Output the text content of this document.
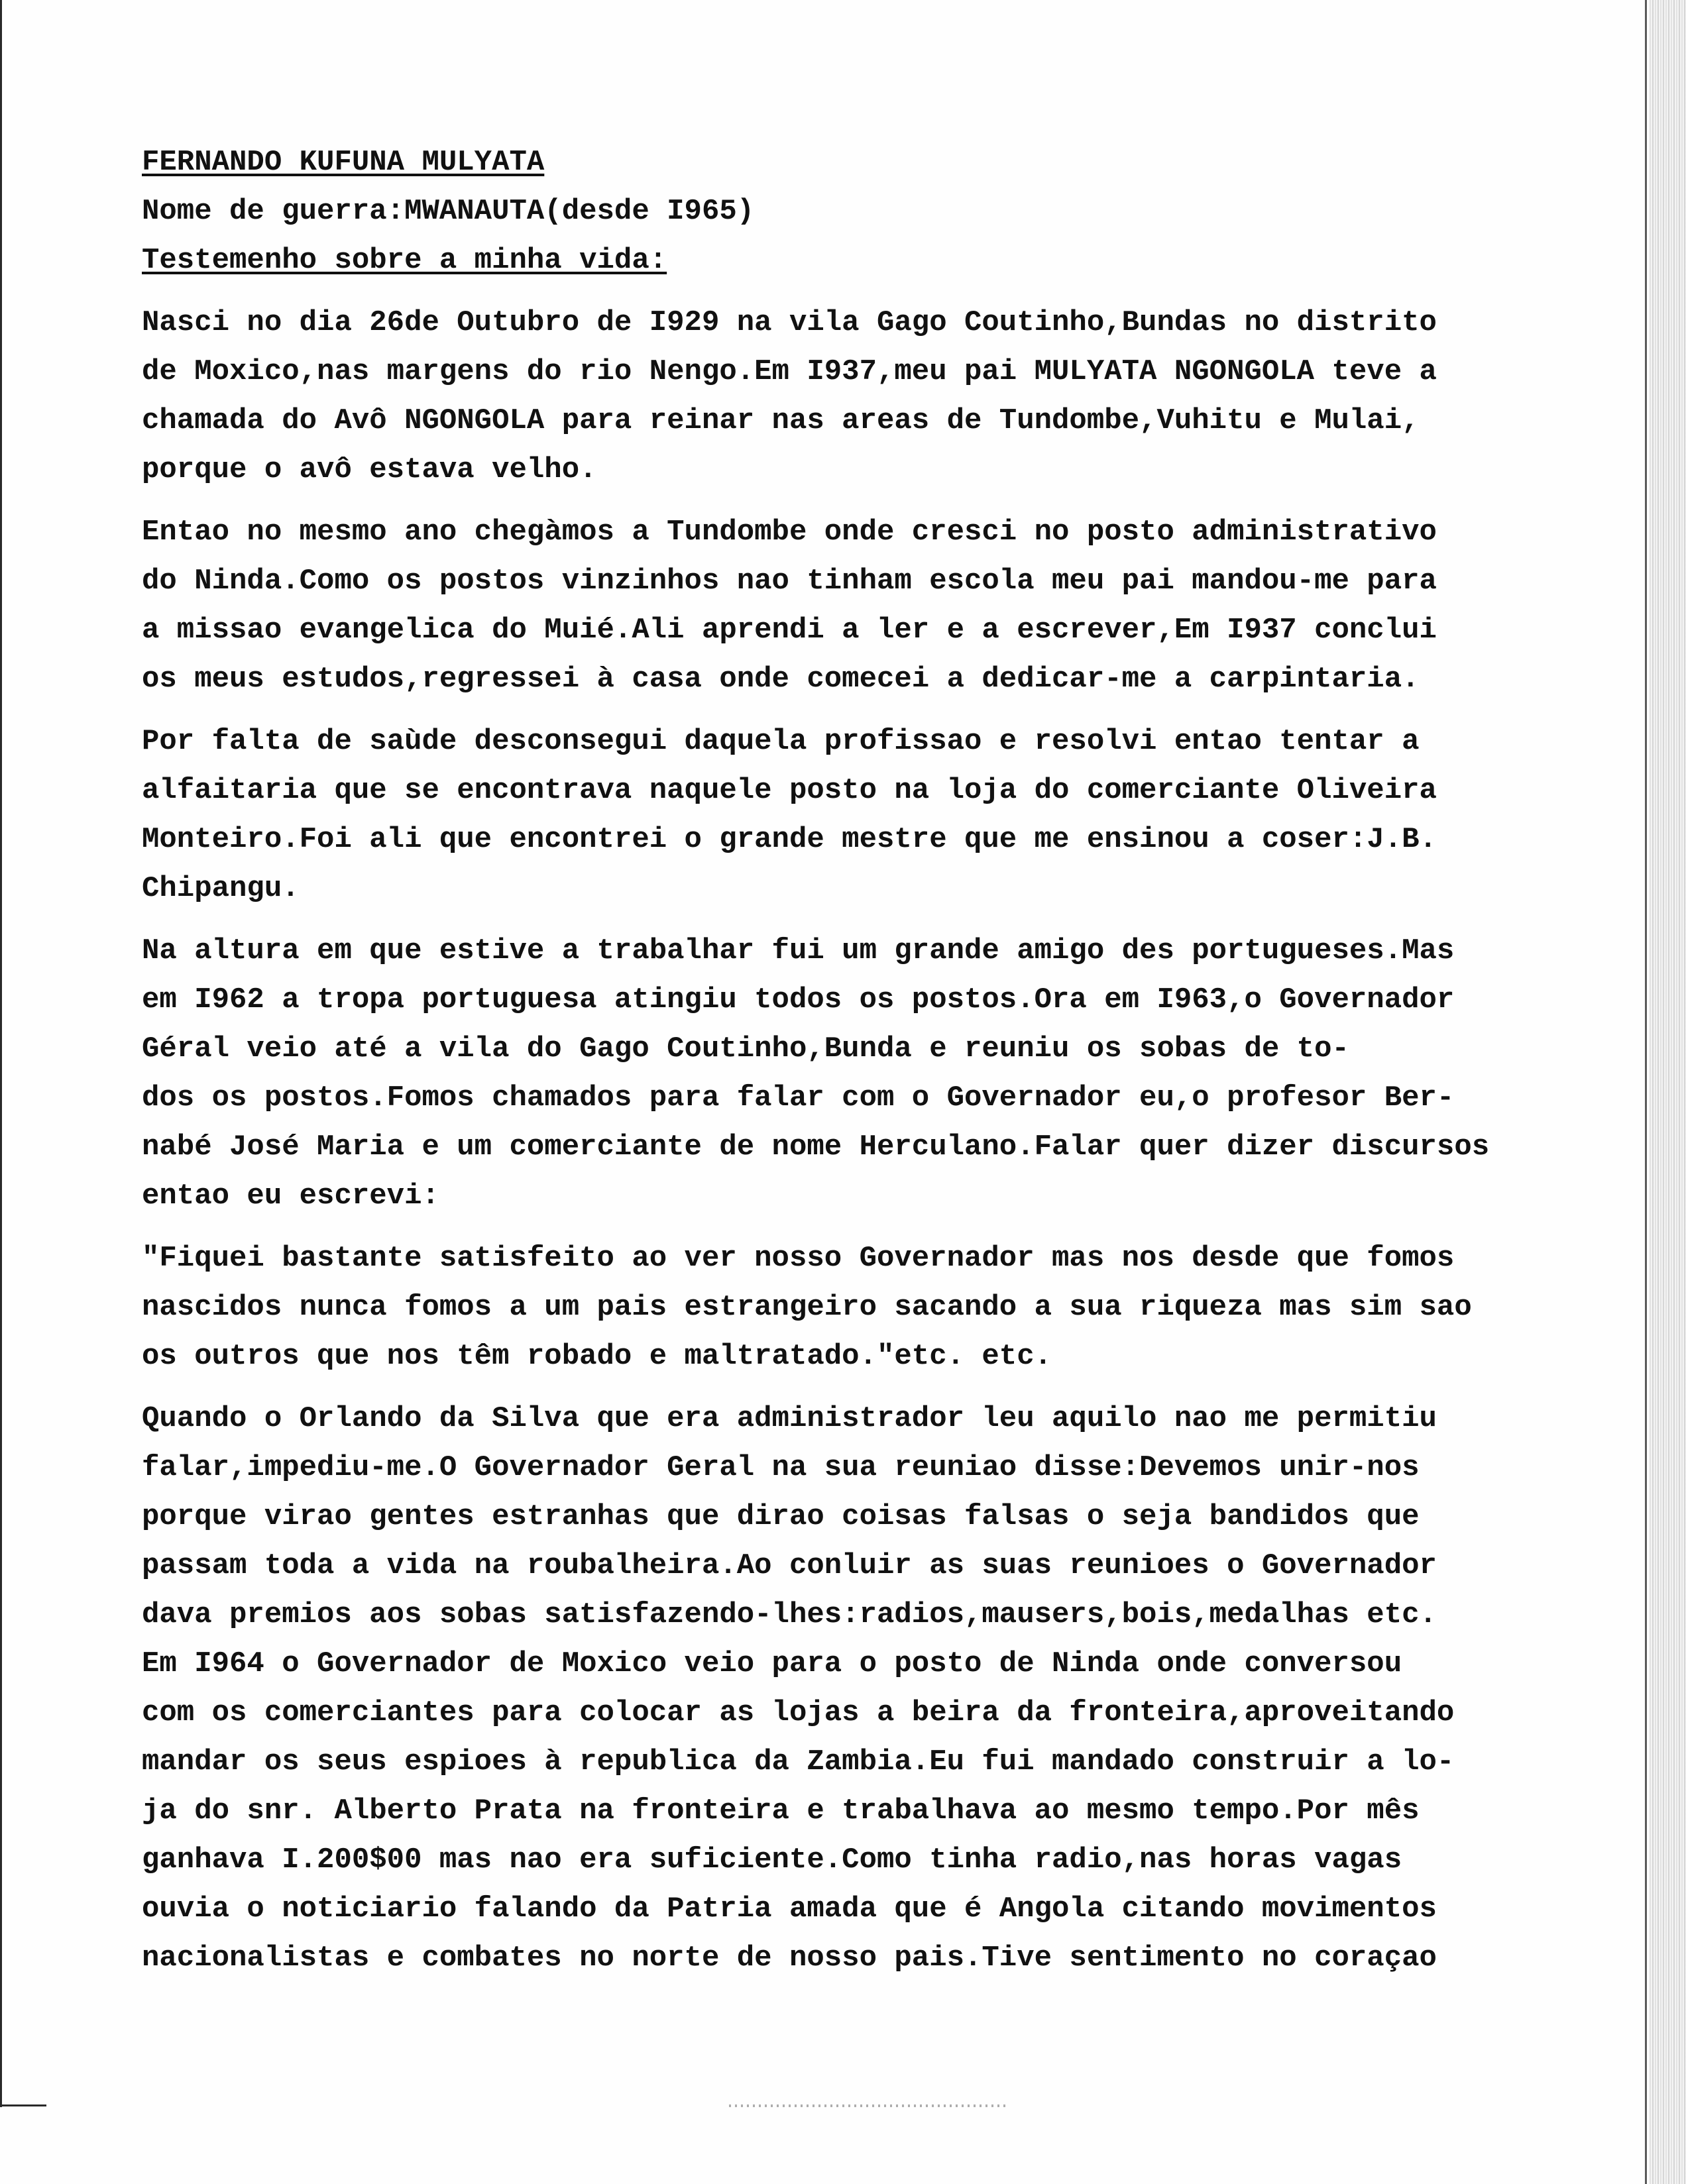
FERNANDO KUFUNA MULYATA
Nome de guerra:MWANAUTA(desde I965)
Testemenho sobre a minha vida:
Nasci no dia 26de Outubro de I929 na vila Gago Coutinho,Bundas no distrito
de Moxico,nas margens do rio Nengo.Em I937,meu pai MULYATA NGONGOLA teve a
chamada do Avô NGONGOLA para reinar nas areas de Tundombe,Vuhitu e Mulai,
porque o avô estava velho.
Entao no mesmo ano chegàmos a Tundombe onde cresci no posto administrativo
do Ninda.Como os postos vinzinhos nao tinham escola meu pai mandou-me para
a missao evangelica do Muié.Ali aprendi a ler e a escrever,Em I937 conclui
os meus estudos,regressei à casa onde comecei a dedicar-me a carpintaria.
Por falta de saùde desconsegui daquela profissao e resolvi entao tentar a
alfaitaria que se encontrava naquele posto na loja do comerciante Oliveira
Monteiro.Foi ali que encontrei o grande mestre que me ensinou a coser:J.B.
Chipangu.
Na altura em que estive a trabalhar fui um grande amigo des portugueses.Mas
em I962 a tropa portuguesa atingiu todos os postos.Ora em I963,o Governador
Géral veio até a vila do Gago Coutinho,Bunda e reuniu os sobas de to-
dos os postos.Fomos chamados para falar com o Governador eu,o profesor Ber-
nabé José Maria e um comerciante de nome Herculano.Falar quer dizer discursos
entao eu escrevi:
"Fiquei bastante satisfeito ao ver nosso Governador mas nos desde que fomos
nascidos nunca fomos a um pais estrangeiro sacando a sua riqueza mas sim sao
os outros que nos têm robado e maltratado."etc. etc.
Quando o Orlando da Silva que era administrador leu aquilo nao me permitiu
falar,impediu-me.O Governador Geral na sua reuniao disse:Devemos unir-nos
porque virao gentes estranhas que dirao coisas falsas o seja bandidos que
passam toda a vida na roubalheira.Ao conluir as suas reunioes o Governador
dava premios aos sobas satisfazendo-lhes:radios,mausers,bois,medalhas etc.
Em I964 o Governador de Moxico veio para o posto de Ninda onde conversou
com os comerciantes para colocar as lojas a beira da fronteira,aproveitando
mandar os seus espioes à republica da Zambia.Eu fui mandado construir a lo-
ja do snr. Alberto Prata na fronteira e trabalhava ao mesmo tempo.Por mês
ganhava I.200$00 mas nao era suficiente.Como tinha radio,nas horas vagas
ouvia o noticiario falando da Patria amada que é Angola citando movimentos
nacionalistas e combates no norte de nosso pais.Tive sentimento no coraçao
